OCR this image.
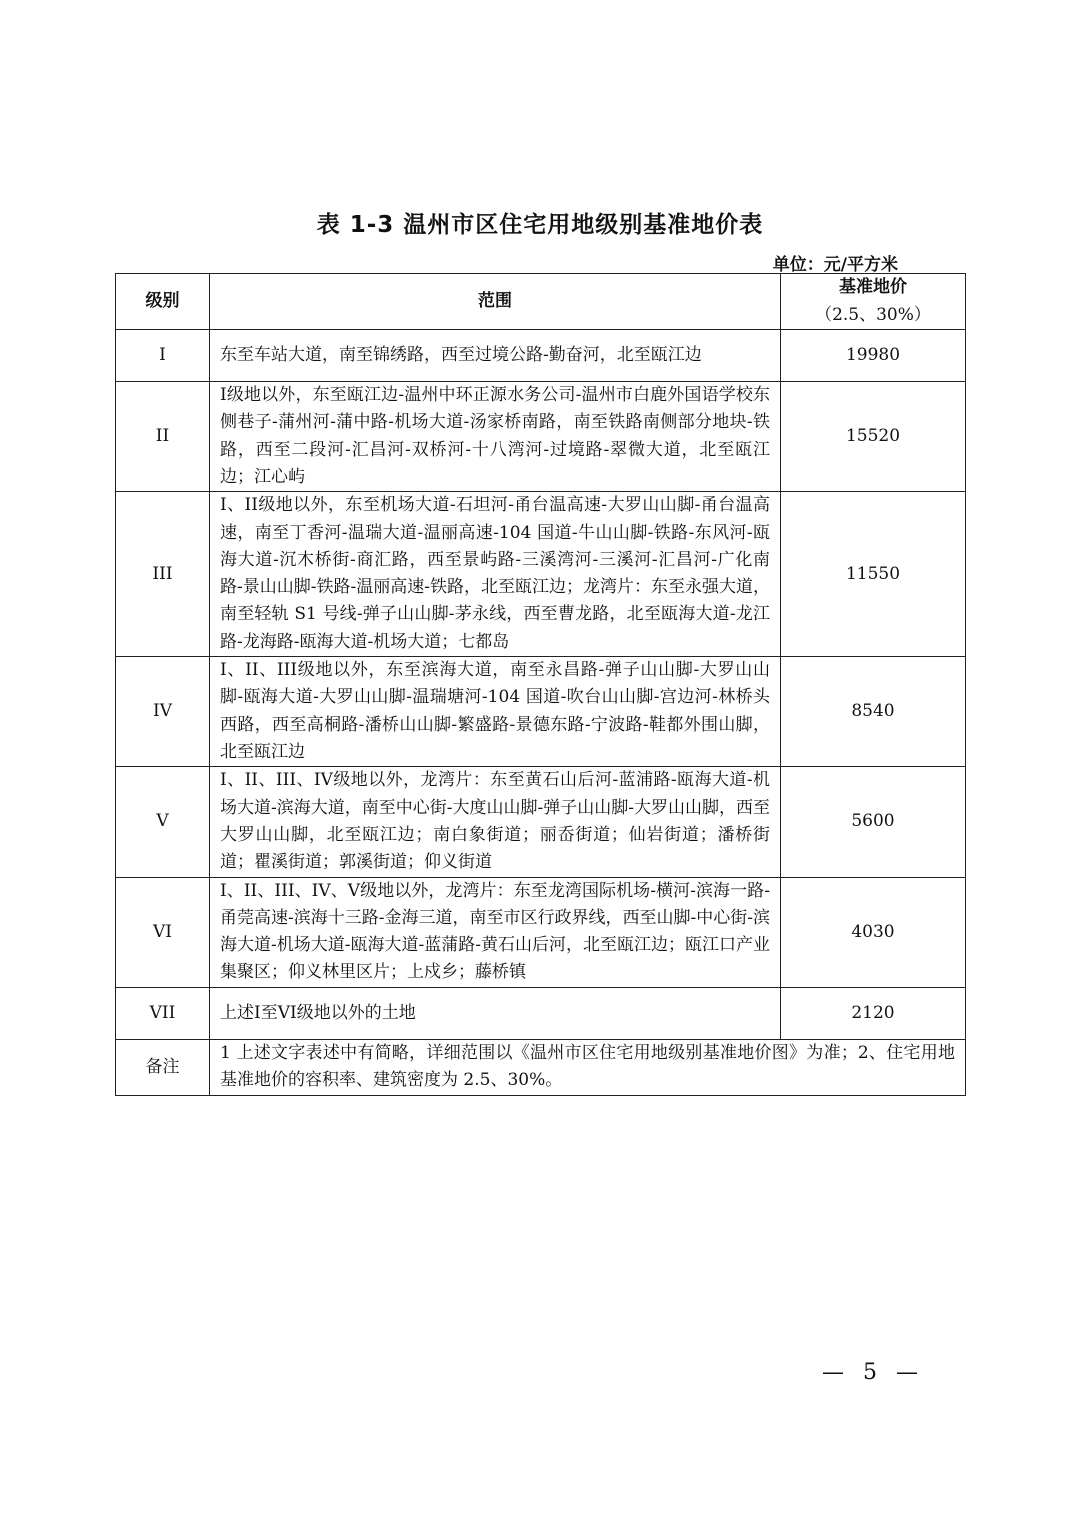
表 1-3 温州市区住宅用地级别基准地价表
单位：元/平方米
级别	范围	基准地价
（2.5、30%）

I	东至车站大道，南至锦绣路，西至过境公路-勤奋河，北至瓯江边	19980
II	I级地以外，东至瓯江边-温州中环正源水务公司-温州市白鹿外国语学校东侧巷子-蒲州河-蒲中路-机场大道-汤家桥南路，南至铁路南侧部分地块-铁路，西至二段河-汇昌河-双桥河-十八湾河-过境路-翠微大道，北至瓯江边；江心屿	15520
III	I、II级地以外，东至机场大道-石坦河-甬台温高速-大罗山山脚-甬台温高速，南至丁香河-温瑞大道-温丽高速-104 国道-牛山山脚-铁路-东风河-瓯海大道-沉木桥街-商汇路，西至景屿路-三溪湾河-三溪河-汇昌河-广化南路-景山山脚-铁路-温丽高速-铁路，北至瓯江边；龙湾片：东至永强大道，南至轻轨 S1 号线-弹子山山脚-茅永线，西至曹龙路，北至瓯海大道-龙江路-龙海路-瓯海大道-机场大道；七都岛	11550
IV	I、II、III级地以外，东至滨海大道，南至永昌路-弹子山山脚-大罗山山脚-瓯海大道-大罗山山脚-温瑞塘河-104 国道-吹台山山脚-宫边河-林桥头西路，西至高桐路-潘桥山山脚-繁盛路-景德东路-宁波路-鞋都外围山脚，北至瓯江边	8540
V	I、II、III、IV级地以外，龙湾片：东至黄石山后河-蓝浦路-瓯海大道-机场大道-滨海大道，南至中心街-大度山山脚-弹子山山脚-大罗山山脚，西至大罗山山脚，北至瓯江边；南白象街道；丽岙街道；仙岩街道；潘桥街道；瞿溪街道；郭溪街道；仰义街道	5600
VI	I、II、III、IV、V级地以外，龙湾片：东至龙湾国际机场-横河-滨海一路-甬莞高速-滨海十三路-金海三道，南至市区行政界线，西至山脚-中心街-滨海大道-机场大道-瓯海大道-蓝蒲路-黄石山后河，北至瓯江边；瓯江口产业集聚区；仰义林里区片；上戍乡；藤桥镇	4030
VII	上述I至VI级地以外的土地	2120
备注	1 上述文字表述中有简略，详细范围以《温州市区住宅用地级别基准地价图》为准；2、住宅用地基准地价的容积率、建筑密度为 2.5、30%。	
— 5 —
